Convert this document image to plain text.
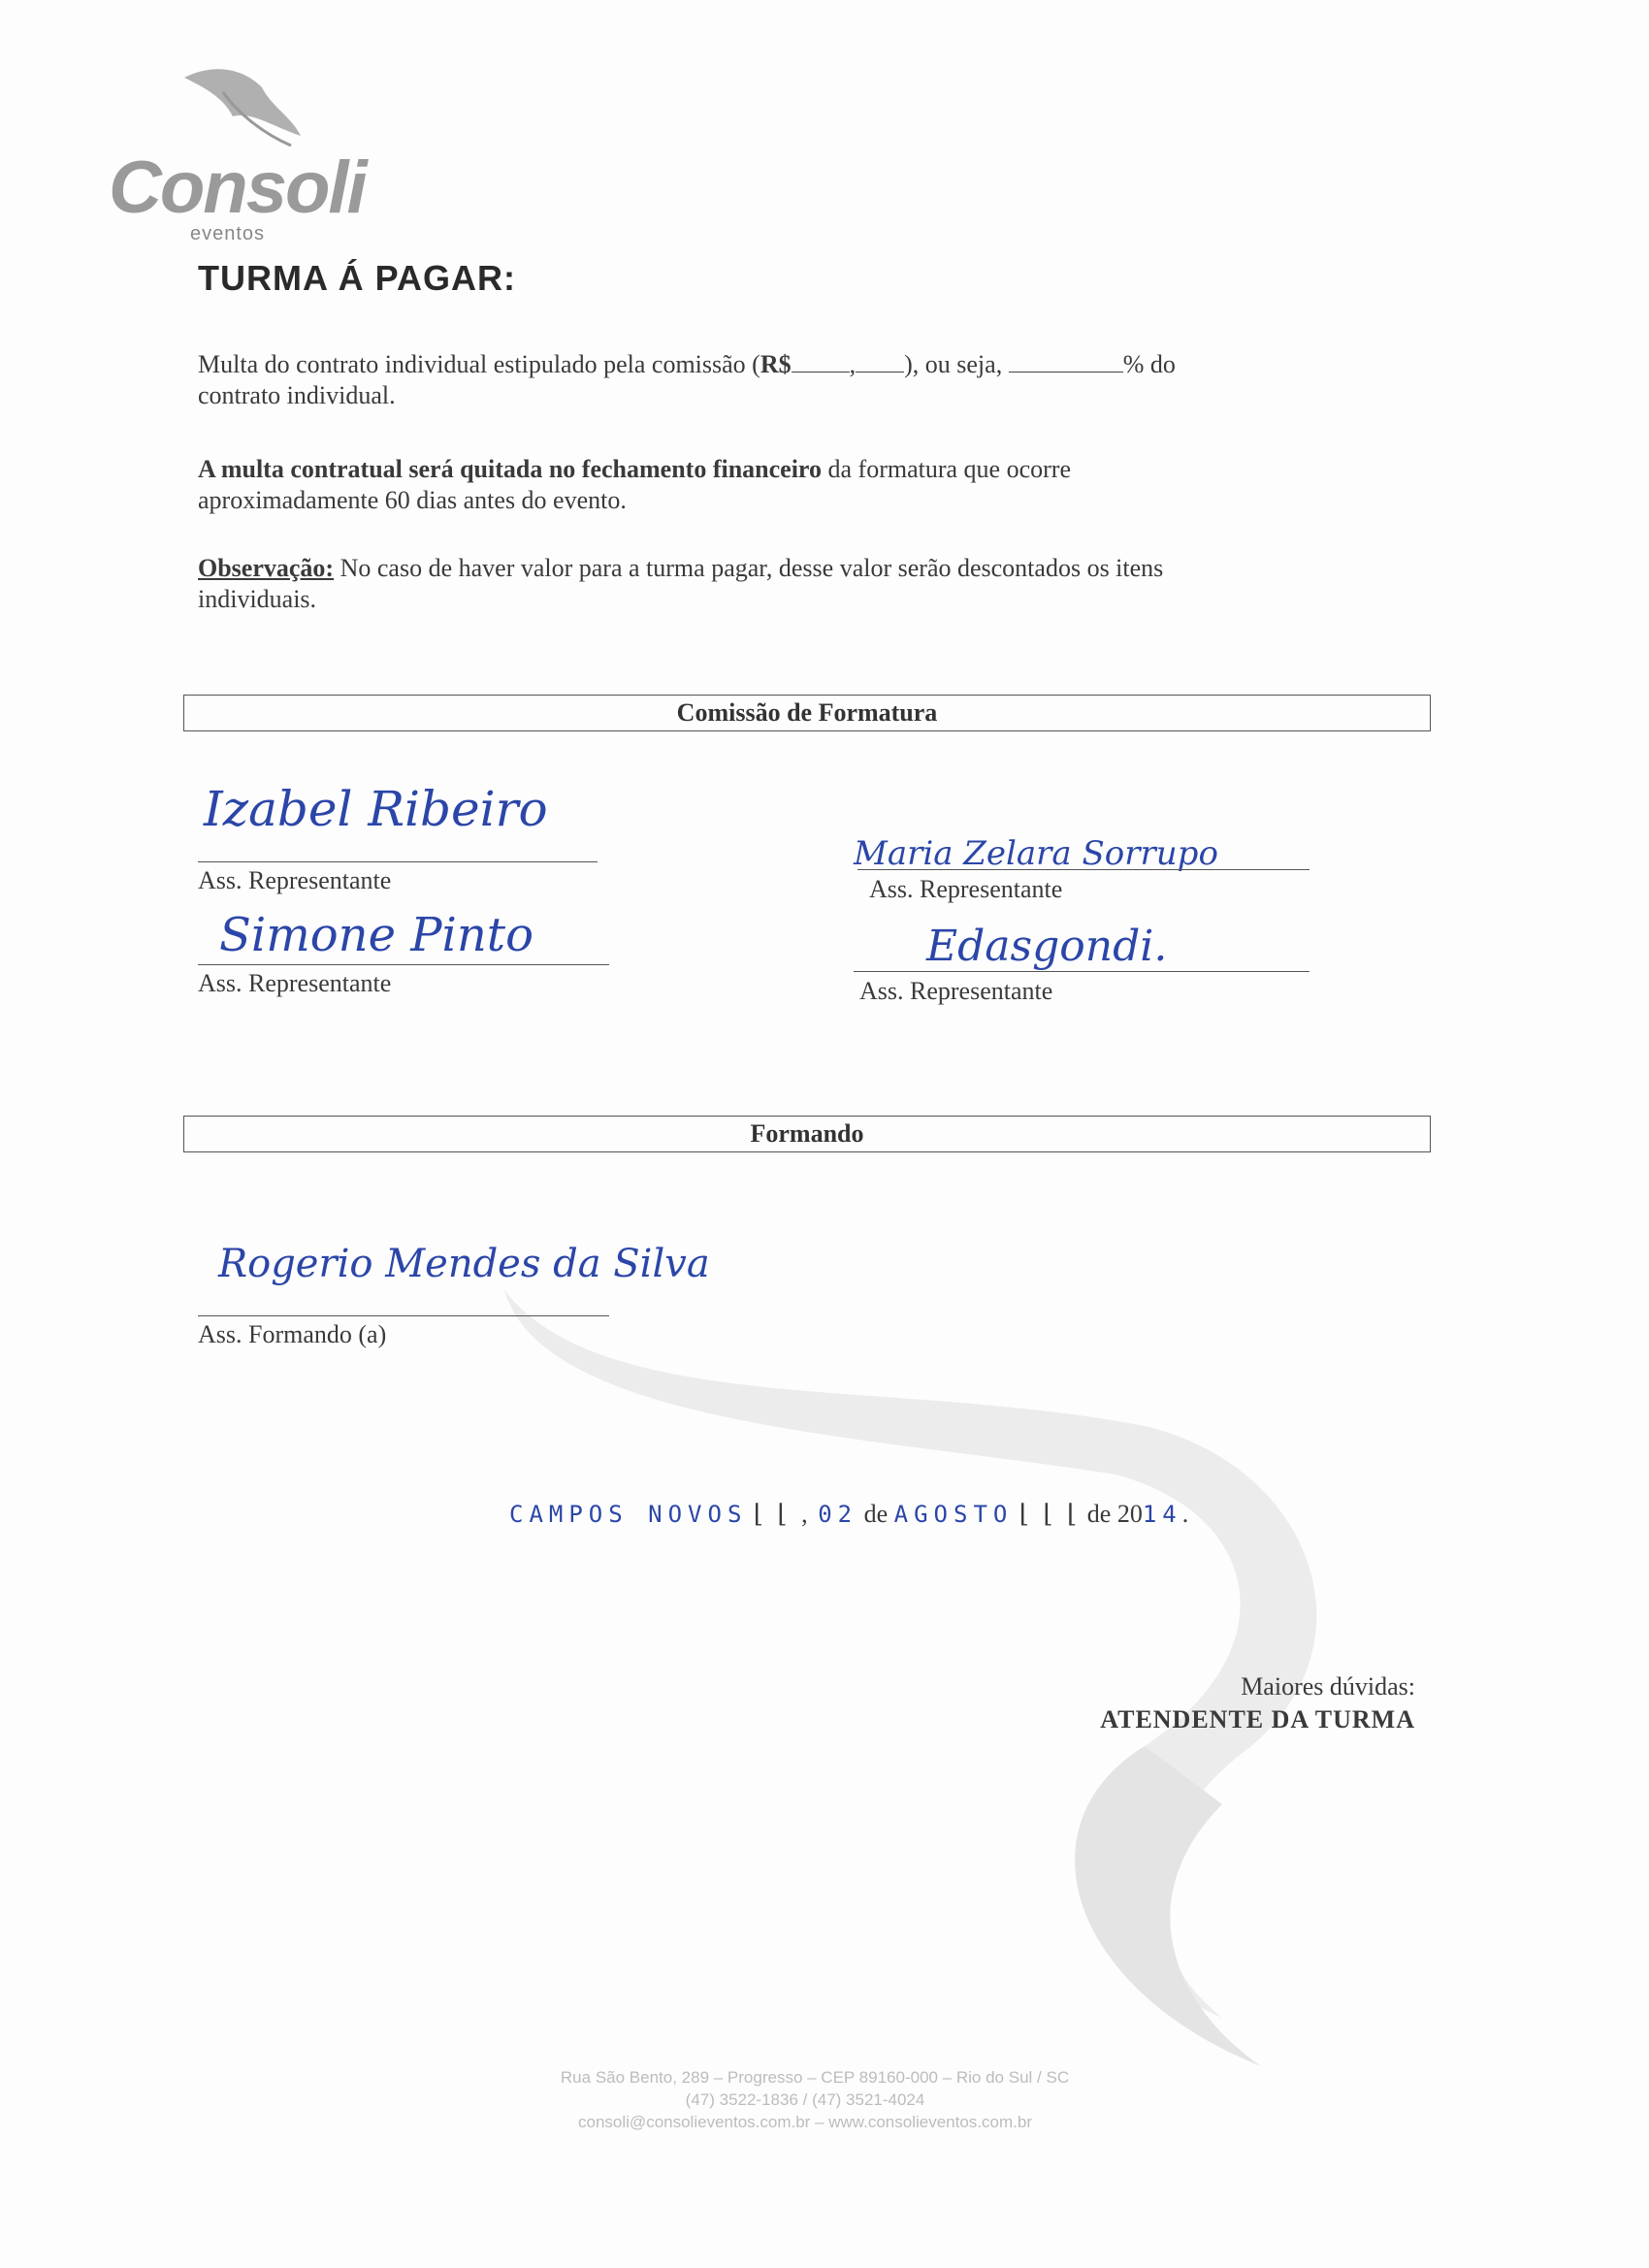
Consoli
eventos
TURMA Á PAGAR:
Multa do contrato individual estipulado pela comissão (R$ , ), ou seja,	% do
contrato individual.
A multa contratual será quitada no fechamento financeiro da formatura que ocorre
aproximadamente 60 dias antes do evento.
Observação: No caso de haver valor para a turma pagar, desse valor serão descontados os itens
individuais.
Comissão de Formatura
Izabel Ribeiro
Ass. Representante
Maria Zelara Sorrupo
Ass. Representante
Simone Pinto
Ass. Representante
Edasgondi.
Ass. Representante
Formando
Rogerio Mendes da Silva
Ass. Formando (a)
CAMPOS NOVOS ⌊ ⌊ , 02 de AGOSTO ⌊ ⌊ ⌊ de 2014.
Maiores dúvidas:
ATENDENTE DA TURMA
Rua São Bento, 289 – Progresso – CEP 89160-000 – Rio do Sul / SC
(47) 3522-1836 / (47) 3521-4024
consoli@consolieventos.com.br – www.consolieventos.com.br
